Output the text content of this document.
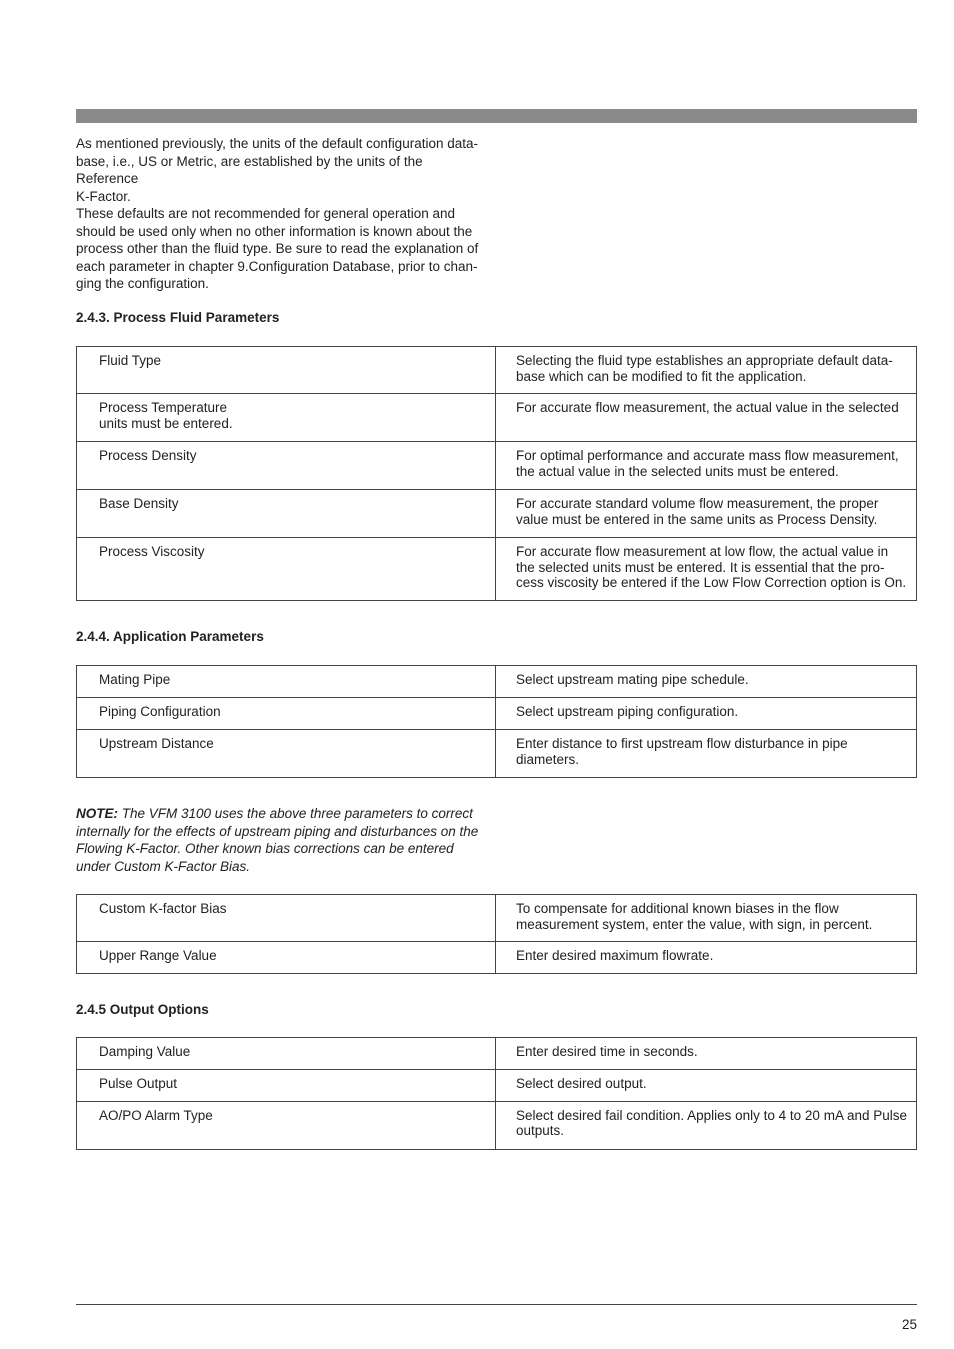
As mentioned previously, the units of the default configuration data-
base, i.e., US or Metric, are established by the units of the Reference
K-Factor.

These defaults are not recommended for general operation and
should be used only when no other information is known about the
process other than the fluid type. Be sure to read the explanation of
each parameter in chapter 9.Configuration Database, prior to chan-
ging the configuration.

2.4.3. Process Fluid Parameters
Fluid Type	Selecting the fluid type establishes an appropriate default data-
base which can be modified to fit the application.
Process Temperature
units must be entered.	For accurate flow measurement, the actual value in the selected
Process Density	For optimal performance and accurate mass flow measurement,
the actual value in the selected units must be entered.
Base Density	For accurate standard volume flow measurement, the proper
value must be entered in the same units as Process Density.
Process Viscosity	For accurate flow measurement at low flow, the actual value in
the selected units must be entered. It is essential that the pro-
cess viscosity be entered if the Low Flow Correction option is On.
2.4.4. Application Parameters
Mating Pipe	Select upstream mating pipe schedule.
Piping Configuration	Select upstream piping configuration.
Upstream Distance	Enter distance to first upstream flow disturbance in pipe
diameters.

NOTE: The VFM 3100 uses the above three parameters to correct
internally for the effects of upstream piping and disturbances on the
Flowing K-Factor. Other known bias corrections can be entered
under Custom K-Factor Bias.

Custom K-factor Bias	To compensate for additional known biases in the flow
measurement system, enter the value, with sign, in percent.
Upper Range Value	Enter desired maximum flowrate.
2.4.5 Output Options
Damping Value	Enter desired time in seconds.
Pulse Output	Select desired output.
AO/PO Alarm Type	Select desired fail condition. Applies only to 4 to 20 mA and Pulse
outputs.
25
